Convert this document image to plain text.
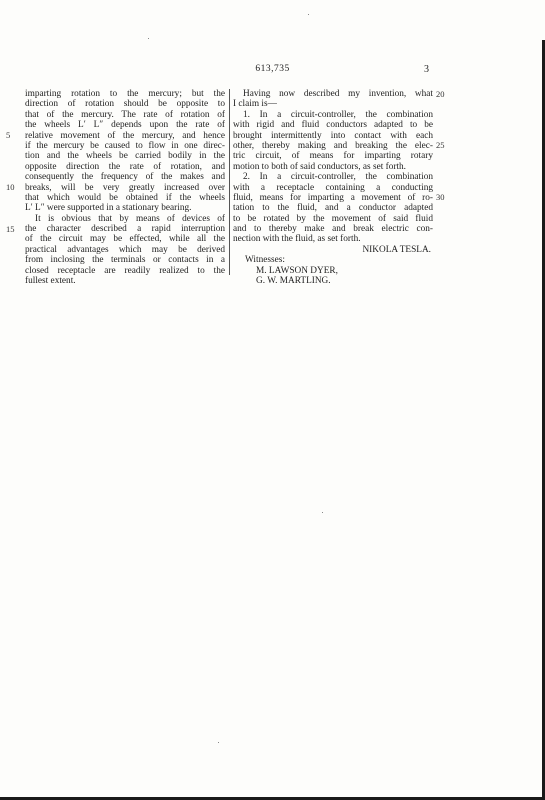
613,735	3
imparting rotation to the mercury; but the
direction of rotation should be opposite to
that of the mercury. The rate of rotation of
the wheels L′ L″ depends upon the rate of
relative movement of the mercury, and hence
if the mercury be caused to flow in one direc-
tion and the wheels be carried bodily in the
opposite direction the rate of rotation, and
consequently the frequency of the makes and
breaks, will be very greatly increased over
that which would be obtained if the wheels
L′ L″ were supported in a stationary bearing.
It is obvious that by means of devices of
the character described a rapid interruption
of the circuit may be effected, while all the
practical advantages which may be derived
from inclosing the terminals or contacts in a
closed receptacle are readily realized to the
fullest extent.
5
10
15
Having now described my invention, what
I claim is—
1. In a circuit-controller, the combination
with rigid and fluid conductors adapted to be
brought intermittently into contact with each
other, thereby making and breaking the elec-
tric circuit, of means for imparting rotary
motion to both of said conductors, as set forth.
2. In a circuit-controller, the combination
with a receptacle containing a conducting
fluid, means for imparting a movement of ro-
tation to the fluid, and a conductor adapted
to be rotated by the movement of said fluid
and to thereby make and break electric con-
nection with the fluid, as set forth.
NIKOLA TESLA.
Witnesses:
M. LAWSON DYER,
G. W. MARTLING.
20
25
30
